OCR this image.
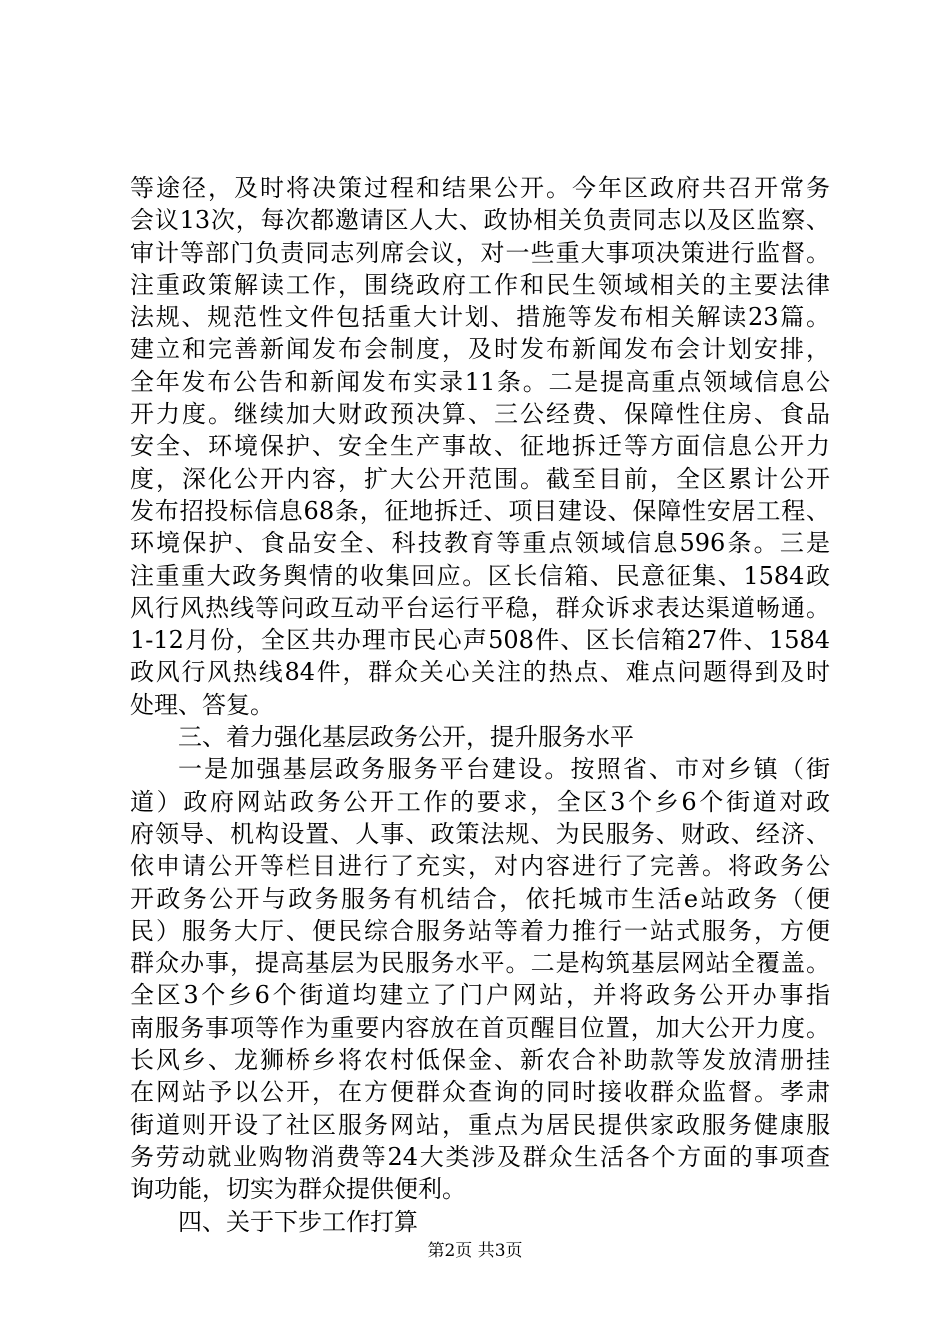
等途径，及时将决策过程和结果公开。今年区政府共召开常务
会议13次，每次都邀请区人大、政协相关负责同志以及区监察、
审计等部门负责同志列席会议，对一些重大事项决策进行监督。
注重政策解读工作，围绕政府工作和民生领域相关的主要法律
法规、规范性文件包括重大计划、措施等发布相关解读23篇。
建立和完善新闻发布会制度，及时发布新闻发布会计划安排，
全年发布公告和新闻发布实录11条。二是提高重点领域信息公
开力度。继续加大财政预决算、三公经费、保障性住房、食品
安全、环境保护、安全生产事故、征地拆迁等方面信息公开力
度，深化公开内容，扩大公开范围。截至目前，全区累计公开
发布招投标信息68条，征地拆迁、项目建设、保障性安居工程、
环境保护、食品安全、科技教育等重点领域信息596条。三是
注重重大政务舆情的收集回应。区长信箱、民意征集、1584政
风行风热线等问政互动平台运行平稳，群众诉求表达渠道畅通。
1-12月份，全区共办理市民心声508件、区长信箱27件、1584
政风行风热线84件，群众关心关注的热点、难点问题得到及时
处理、答复。
三、着力强化基层政务公开，提升服务水平
一是加强基层政务服务平台建设。按照省、市对乡镇（街
道）政府网站政务公开工作的要求，全区3个乡6个街道对政
府领导、机构设置、人事、政策法规、为民服务、财政、经济、
依申请公开等栏目进行了充实，对内容进行了完善。将政务公
开政务公开与政务服务有机结合，依托城市生活e站政务（便
民）服务大厅、便民综合服务站等着力推行一站式服务，方便
群众办事，提高基层为民服务水平。二是构筑基层网站全覆盖。
全区3个乡6个街道均建立了门户网站，并将政务公开办事指
南服务事项等作为重要内容放在首页醒目位置，加大公开力度。
长风乡、龙狮桥乡将农村低保金、新农合补助款等发放清册挂
在网站予以公开，在方便群众查询的同时接收群众监督。孝肃
街道则开设了社区服务网站，重点为居民提供家政服务健康服
务劳动就业购物消费等24大类涉及群众生活各个方面的事项查
询功能，切实为群众提供便利。
四、关于下步工作打算
第2页 共3页
